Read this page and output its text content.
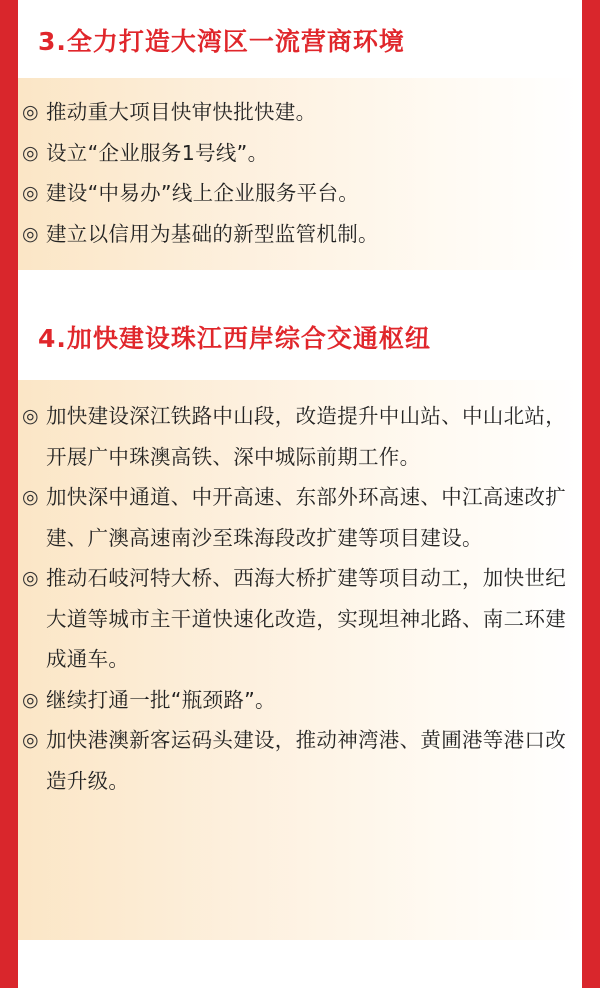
3.全力打造大湾区一流营商环境
◎ 推动重大项目快审快批快建。
◎ 设立“企业服务1号线”。
◎ 建设“中易办”线上企业服务平台。
◎ 建立以信用为基础的新型监管机制。
4.加快建设珠江西岸综合交通枢纽
◎ 加快建设深江铁路中山段，改造提升中山站、中山北站，开展广中珠澳高铁、深中城际前期工作。
◎ 加快深中通道、中开高速、东部外环高速、中江高速改扩建、广澳高速南沙至珠海段改扩建等项目建设。
◎ 推动石岐河特大桥、西海大桥扩建等项目动工，加快世纪大道等城市主干道快速化改造，实现坦神北路、南二环建成通车。
◎ 继续打通一批“瓶颈路”。
◎ 加快港澳新客运码头建设，推动神湾港、黄圃港等港口改造升级。
